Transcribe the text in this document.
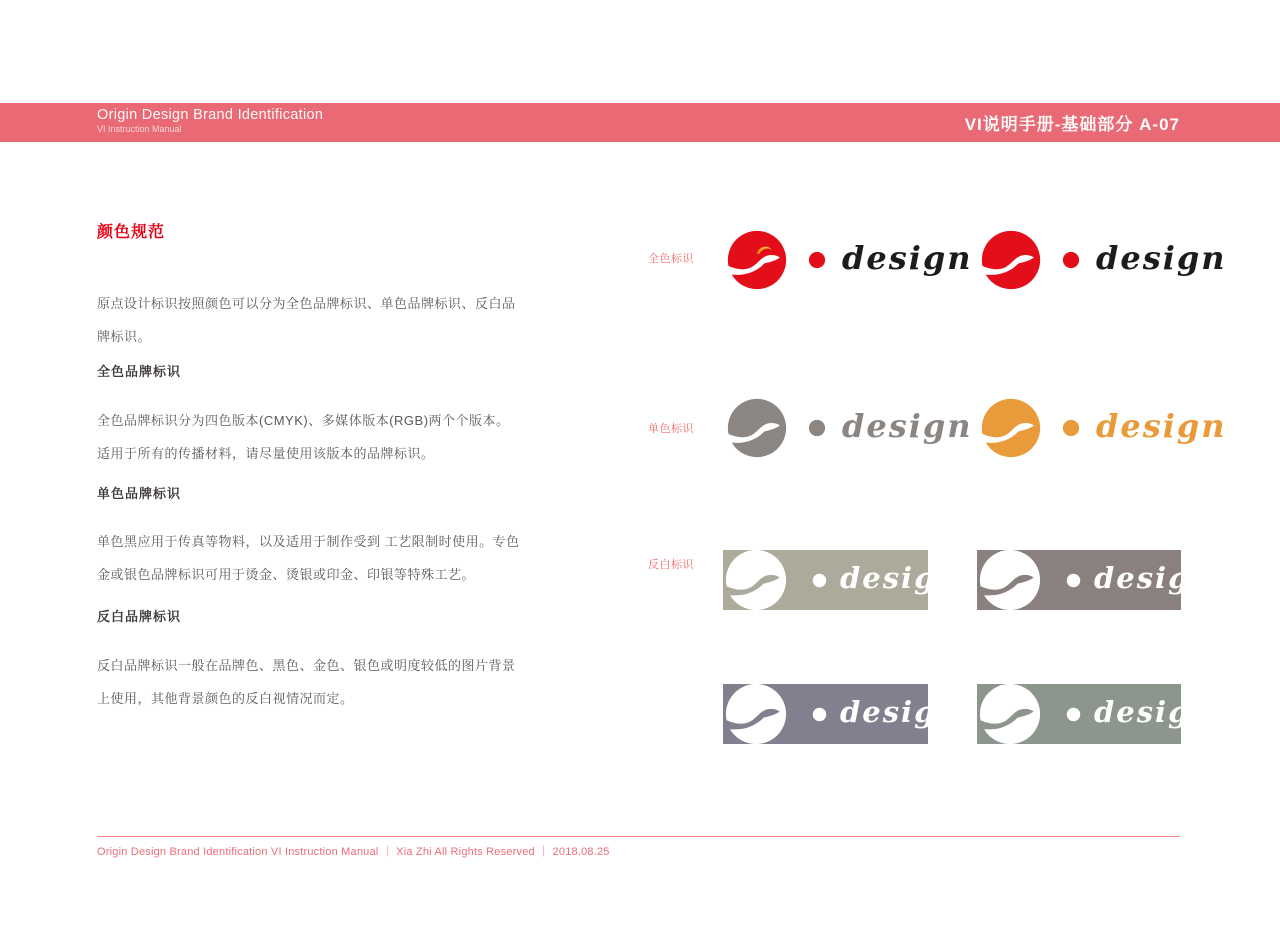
Origin Design Brand Identification
VI Instruction Manual	VI说明手册-基础部分 A-07
颜色规范
原点设计标识按照颜色可以分为全色品牌标识、单色品牌标识、反白品
牌标识。
全色品牌标识
全色品牌标识分为四色版本(CMYK)、多媒体版本(RGB)两个个版本。
适用于所有的传播材料，请尽量使用该版本的品牌标识。
单色品牌标识
单色黑应用于传真等物料，以及适用于制作受到 工艺限制时使用。专色
金或银色品牌标识可用于烫金、烫银或印金、印银等特殊工艺。
反白品牌标识
反白品牌标识一般在品牌色、黑色、金色、银色或明度较低的图片背景
上使用，其他背景颜色的反白视情况而定。
全色标识
单色标识
反白标识
design	design
design	design
design	design
design	design
Origin Design Brand Identification VI Instruction Manual ｜ Xia Zhi All Rights Reserved ｜ 2018.08.25
